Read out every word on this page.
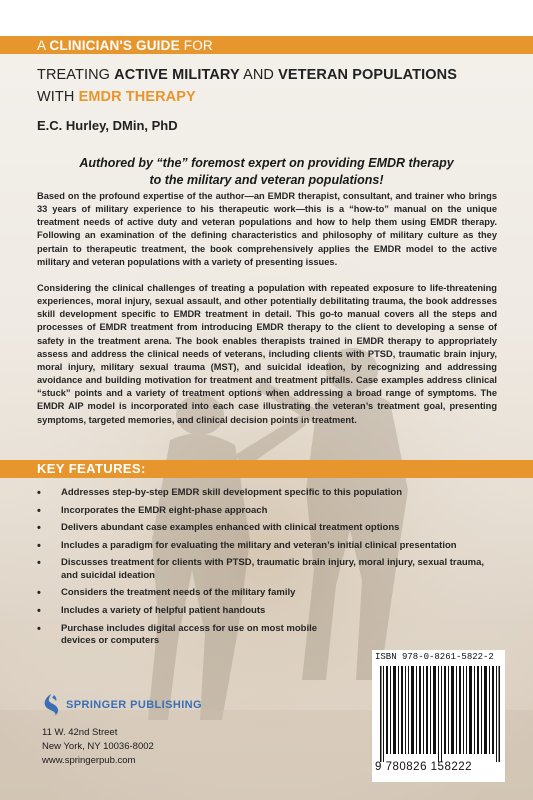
A CLINICIAN'S GUIDE FOR
TREATING ACTIVE MILITARY AND VETERAN POPULATIONS
WITH EMDR THERAPY
E.C. Hurley, DMin, PhD
Authored by “the” foremost expert on providing EMDR therapy
to the military and veteran populations!
Based on the profound expertise of the author—an EMDR therapist, consultant, and trainer who brings 33 years of military experience to his therapeutic work—this is a “how-to” manual on the unique treatment needs of active duty and veteran populations and how to help them using EMDR therapy. Following an examination of the defining characteristics and philosophy of military culture as they pertain to therapeutic treatment, the book comprehensively applies the EMDR model to the active military and veteran populations with a variety of presenting issues.
Considering the clinical challenges of treating a population with repeated exposure to life-threatening experiences, moral injury, sexual assault, and other potentially debilitating trauma, the book addresses skill development specific to EMDR treatment in detail. This go-to manual covers all the steps and processes of EMDR treatment from introducing EMDR therapy to the client to developing a sense of safety in the treatment arena. The book enables therapists trained in EMDR therapy to appropriately assess and address the clinical needs of veterans, including clients with PTSD, traumatic brain injury, moral injury, military sexual trauma (MST), and suicidal ideation, by recognizing and addressing avoidance and building motivation for treatment and treatment pitfalls. Case examples address clinical “stuck” points and a variety of treatment options when addressing a broad range of symptoms. The EMDR AIP model is incorporated into each case illustrating the veteran’s treatment goal, presenting symptoms, targeted memories, and clinical decision points in treatment.
KEY FEATURES:
• Addresses step-by-step EMDR skill development specific to this population
• Incorporates the EMDR eight-phase approach
• Delivers abundant case examples enhanced with clinical treatment options
• Includes a paradigm for evaluating the military and veteran’s initial clinical presentation
• Discusses treatment for clients with PTSD, traumatic brain injury, moral injury, sexual trauma, and suicidal ideation
• Considers the treatment needs of the military family
• Includes a variety of helpful patient handouts
• Purchase includes digital access for use on most mobile devices or computers
ISBN 978-0-8261-5822-2
9 780826 158222
SPRINGER PUBLISHING
11 W. 42nd Street
New York, NY 10036-8002
www.springerpub.com
